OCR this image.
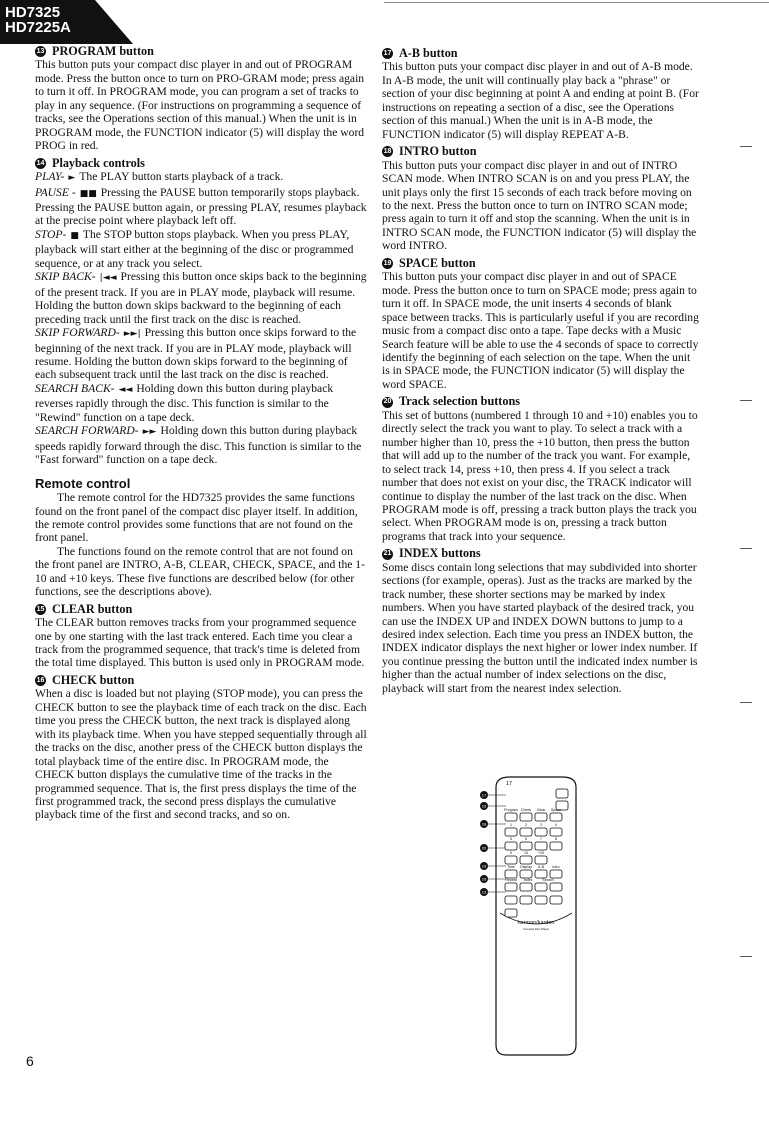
HD7325
HD7225A
13 PROGRAM button

This button puts your compact disc player in and out of PROGRAM mode. Press the button once to turn on PRO-GRAM mode; press again to turn it off. In PROGRAM mode, you can program a set of tracks to play in any sequence. (For instructions on programming a sequence of tracks, see the Operations section of this manual.) When the unit is in PROGRAM mode, the FUNCTION indicator (5) will display the word PROG in red.

14 Playback controls

PLAY- ► The PLAY button starts playback of a track.

PAUSE - ■■ Pressing the PAUSE button temporarily stops playback. Pressing the PAUSE button again, or pressing PLAY, resumes playback at the precise point where playback left off.

STOP- ■ The STOP button stops playback. When you press PLAY, playback will start either at the beginning of the disc or programmed sequence, or at any track you select.

SKIP BACK- |◄◄ Pressing this button once skips back to the beginning of the present track. If you are in PLAY mode, playback will resume. Holding the button down skips backward to the beginning of each preceding track until the first track on the disc is reached.

SKIP FORWARD- ►►| Pressing this button once skips forward to the beginning of the next track. If you are in PLAY mode, playback will resume. Holding the button down skips forward to the beginning of each subsequent track until the last track on the disc is reached.

SEARCH BACK- ◄◄ Holding down this button during playback reverses rapidly through the disc. This function is similar to the "Rewind" function on a tape deck.

SEARCH FORWARD- ►► Holding down this button during playback speeds rapidly forward through the disc. This function is similar to the "Fast forward" function on a tape deck.

Remote control

The remote control for the HD7325 provides the same functions found on the front panel of the compact disc player itself. In addition, the remote control provides some functions that are not found on the front panel.

The functions found on the remote control that are not found on the front panel are INTRO, A-B, CLEAR, CHECK, SPACE, and the 1-10 and +10 keys. These five functions are described below (for other functions, see the descriptions above).

15 CLEAR button

The CLEAR button removes tracks from your programmed sequence one by one starting with the last track entered. Each time you clear a track from the programmed sequence, that track's time is deleted from the total time displayed. This button is used only in PROGRAM mode.

16 CHECK button

When a disc is loaded but not playing (STOP mode), you can press the CHECK button to see the playback time of each track on the disc. Each time you press the CHECK button, the next track is displayed along with its playback time. When you have stepped sequentially through all the tracks on the disc, another press of the CHECK button displays the total playback time of the entire disc. In PROGRAM mode, the CHECK button displays the cumulative time of the tracks in the programmed sequence. That is, the first press displays the time of the first programmed track, the second press displays the cumulative playback time of the first and second tracks, and so on.

17 A-B button

This button puts your compact disc player in and out of A-B mode. In A-B mode, the unit will continually play back a "phrase" or section of your disc beginning at point A and ending at point B. (For instructions on repeating a section of a disc, see the Operations section of this manual.) When the unit is in A-B mode, the FUNCTION indicator (5) will display REPEAT A-B.

18 INTRO button

This button puts your compact disc player in and out of INTRO SCAN mode. When INTRO SCAN is on and you press PLAY, the unit plays only the first 15 seconds of each track before moving on to the next. Press the button once to turn on INTRO SCAN mode; press again to turn it off and stop the scanning. When the unit is in INTRO SCAN mode, the FUNCTION indicator (5) will display the word INTRO.

19 SPACE button

This button puts your compact disc player in and out of SPACE mode. Press the button once to turn on SPACE mode; press again to turn it off. In SPACE mode, the unit inserts 4 seconds of blank space between tracks. This is particularly useful if you are recording music from a compact disc onto a tape. Tape decks with a Music Search feature will be able to use the 4 seconds of space to correctly identify the beginning of each selection on the tape. When the unit is in SPACE mode, the FUNCTION indicator (5) will display the word SPACE.

20 Track selection buttons

This set of buttons (numbered 1 through 10 and +10) enables you to directly select the track you want to play. To select a track with a number higher than 10, press the +10 button, then press the button that will add up to the number of the track you want. For example, to select track 14, press +10, then press 4. If you select a track number that does not exist on your disc, the TRACK indicator will continue to display the number of the last track on the disc. When PROGRAM mode is off, pressing a track button plays the track you select. When PROGRAM mode is on, pressing a track button programs that track into your sequence.

21 INDEX buttons

Some discs contain long selections that may subdivided into shorter sections (for example, operas). Just as the tracks are marked by the track number, these shorter sections may be marked by index numbers. When you have started playback of the desired track, you can use the INDEX UP and INDEX DOWN buttons to jump to a desired index selection. Each time you press an INDEX button, the INDEX indicator displays the next higher or lower index number. If you continue pressing the button until the indicated index number is higher than the actual number of index selections on the disc, playback will start from the nearest index selection.

17
17
15
18
20
19
16
13
Program Check Clear Space
1	2	3	4
5	6	7	8
9	10	+10
Time Display A-B Intro
Repeat Index	Search
harman/kardon
Compact Disc Player
6
